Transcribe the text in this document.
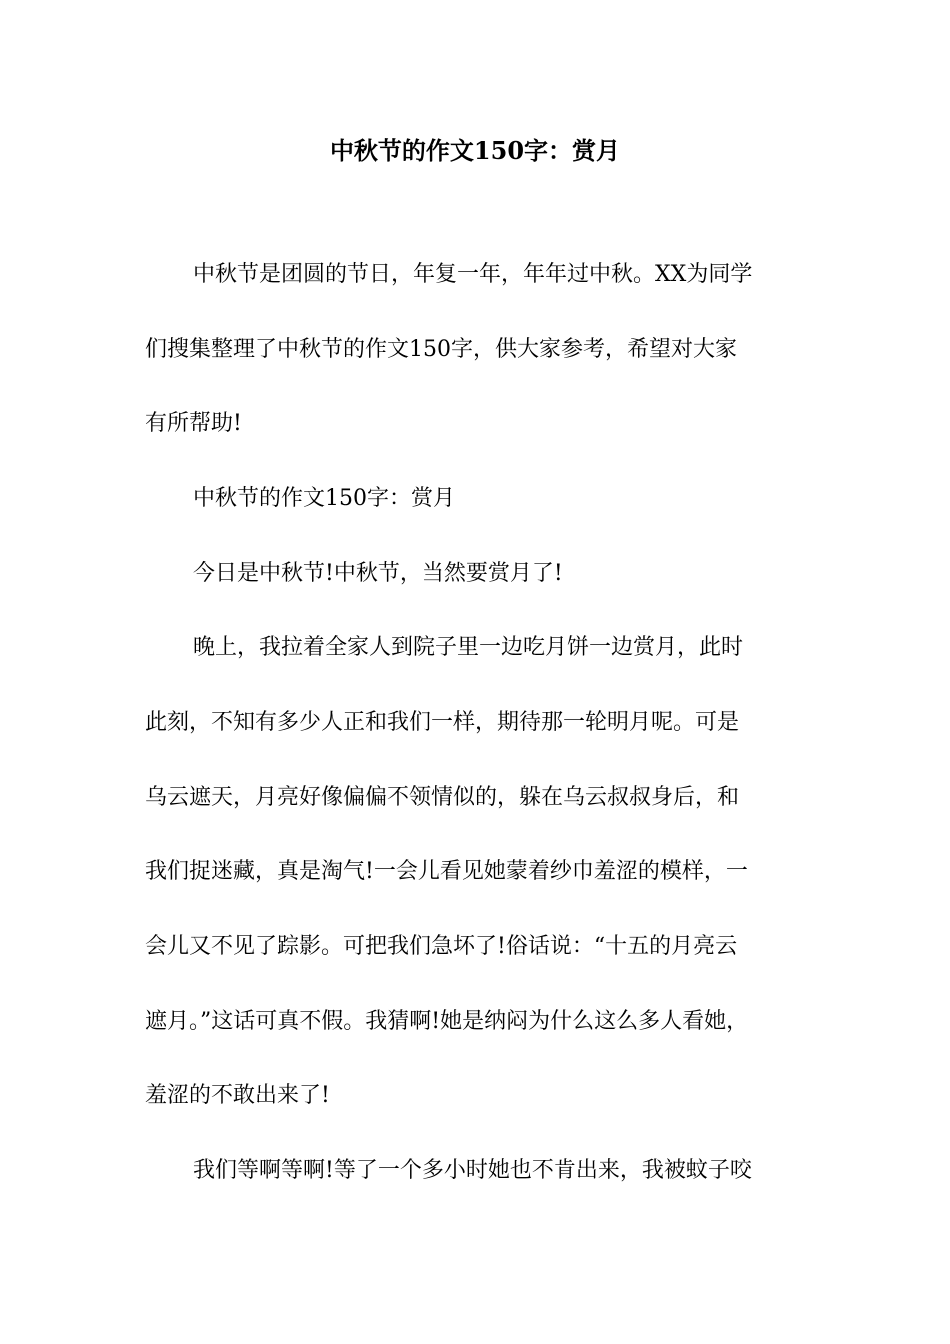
中秋节的作文150字：赏月
中秋节是团圆的节日，年复一年，年年过中秋。XX为同学
们搜集整理了中秋节的作文150字，供大家参考，希望对大家
有所帮助!
中秋节的作文150字：赏月
今日是中秋节!中秋节，当然要赏月了!
晚上，我拉着全家人到院子里一边吃月饼一边赏月，此时
此刻，不知有多少人正和我们一样，期待那一轮明月呢。可是
乌云遮天，月亮好像偏偏不领情似的，躲在乌云叔叔身后，和
我们捉迷藏，真是淘气!一会儿看见她蒙着纱巾羞涩的模样，一
会儿又不见了踪影。可把我们急坏了!俗话说：“十五的月亮云
遮月。”这话可真不假。我猜啊!她是纳闷为什么这么多人看她，
羞涩的不敢出来了!
我们等啊等啊!等了一个多小时她也不肯出来，我被蚊子咬
